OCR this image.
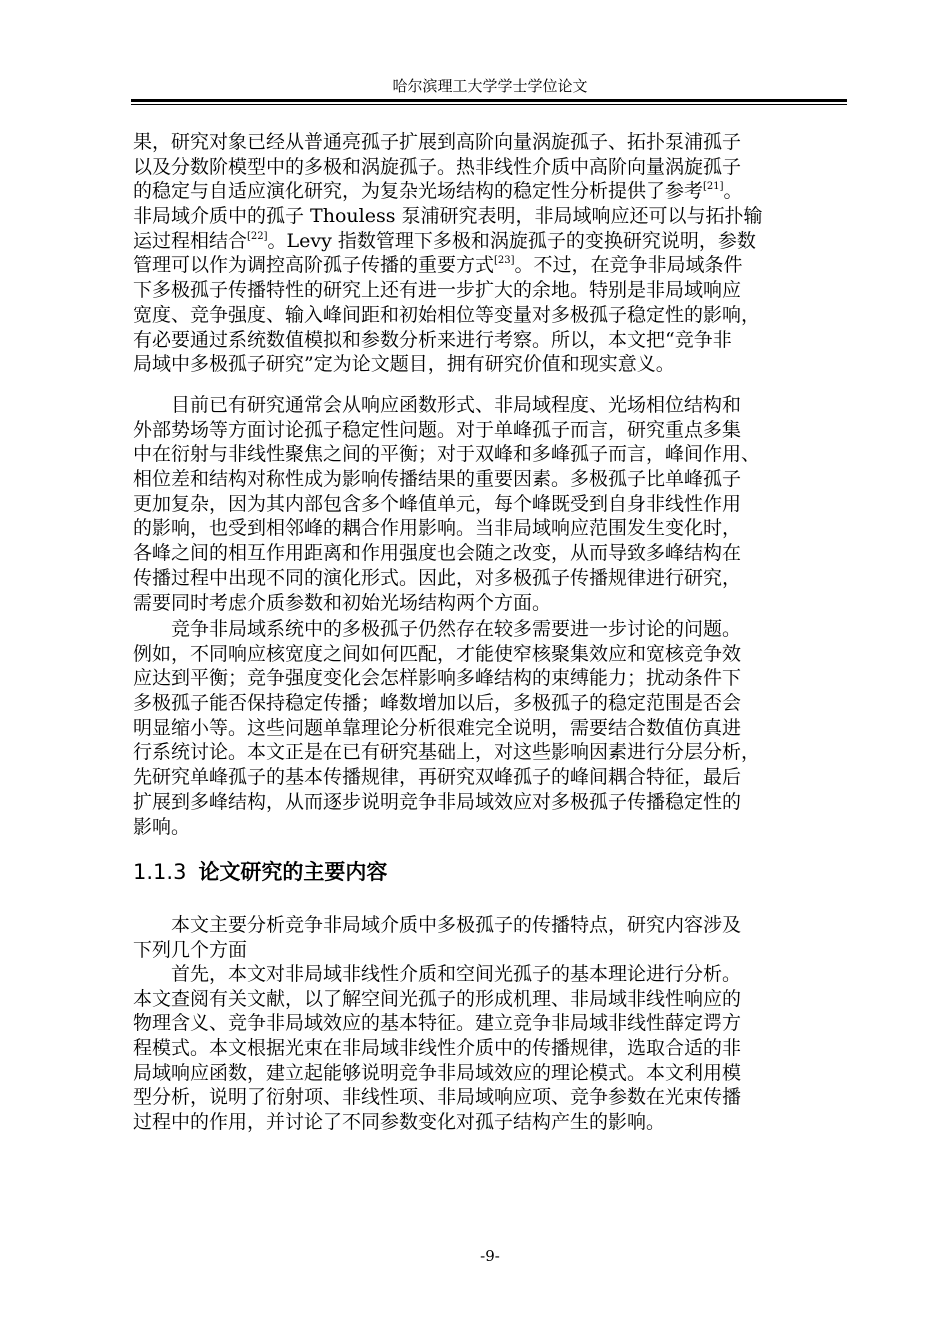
哈尔滨理工大学学士学位论文
果，研究对象已经从普通亮孤子扩展到高阶向量涡旋孤子、拓扑泵浦孤子
以及分数阶模型中的多极和涡旋孤子。热非线性介质中高阶向量涡旋孤子
的稳定与自适应演化研究，为复杂光场结构的稳定性分析提供了参考[21]。
非局域介质中的孤子 Thouless 泵浦研究表明，非局域响应还可以与拓扑输
运过程相结合[22]。Levy 指数管理下多极和涡旋孤子的变换研究说明，参数
管理可以作为调控高阶孤子传播的重要方式[23]。不过，在竞争非局域条件
下多极孤子传播特性的研究上还有进一步扩大的余地。特别是非局域响应
宽度、竞争强度、输入峰间距和初始相位等变量对多极孤子稳定性的影响，
有必要通过系统数值模拟和参数分析来进行考察。所以，本文把“竞争非
局域中多极孤子研究”定为论文题目，拥有研究价值和现实意义。
目前已有研究通常会从响应函数形式、非局域程度、光场相位结构和
外部势场等方面讨论孤子稳定性问题。对于单峰孤子而言，研究重点多集
中在衍射与非线性聚焦之间的平衡；对于双峰和多峰孤子而言，峰间作用、
相位差和结构对称性成为影响传播结果的重要因素。多极孤子比单峰孤子
更加复杂，因为其内部包含多个峰值单元，每个峰既受到自身非线性作用
的影响，也受到相邻峰的耦合作用影响。当非局域响应范围发生变化时，
各峰之间的相互作用距离和作用强度也会随之改变，从而导致多峰结构在
传播过程中出现不同的演化形式。因此，对多极孤子传播规律进行研究，
需要同时考虑介质参数和初始光场结构两个方面。
竞争非局域系统中的多极孤子仍然存在较多需要进一步讨论的问题。
例如，不同响应核宽度之间如何匹配，才能使窄核聚集效应和宽核竞争效
应达到平衡；竞争强度变化会怎样影响多峰结构的束缚能力；扰动条件下
多极孤子能否保持稳定传播；峰数增加以后，多极孤子的稳定范围是否会
明显缩小等。这些问题单靠理论分析很难完全说明，需要结合数值仿真进
行系统讨论。本文正是在已有研究基础上，对这些影响因素进行分层分析，
先研究单峰孤子的基本传播规律，再研究双峰孤子的峰间耦合特征，最后
扩展到多峰结构，从而逐步说明竞争非局域效应对多极孤子传播稳定性的
影响。
1.1.3 论文研究的主要内容
本文主要分析竞争非局域介质中多极孤子的传播特点，研究内容涉及
下列几个方面
首先，本文对非局域非线性介质和空间光孤子的基本理论进行分析。
本文查阅有关文献，以了解空间光孤子的形成机理、非局域非线性响应的
物理含义、竞争非局域效应的基本特征。建立竞争非局域非线性薛定谔方
程模式。本文根据光束在非局域非线性介质中的传播规律，选取合适的非
局域响应函数，建立起能够说明竞争非局域效应的理论模式。本文利用模
型分析，说明了衍射项、非线性项、非局域响应项、竞争参数在光束传播
过程中的作用，并讨论了不同参数变化对孤子结构产生的影响。
-9-
